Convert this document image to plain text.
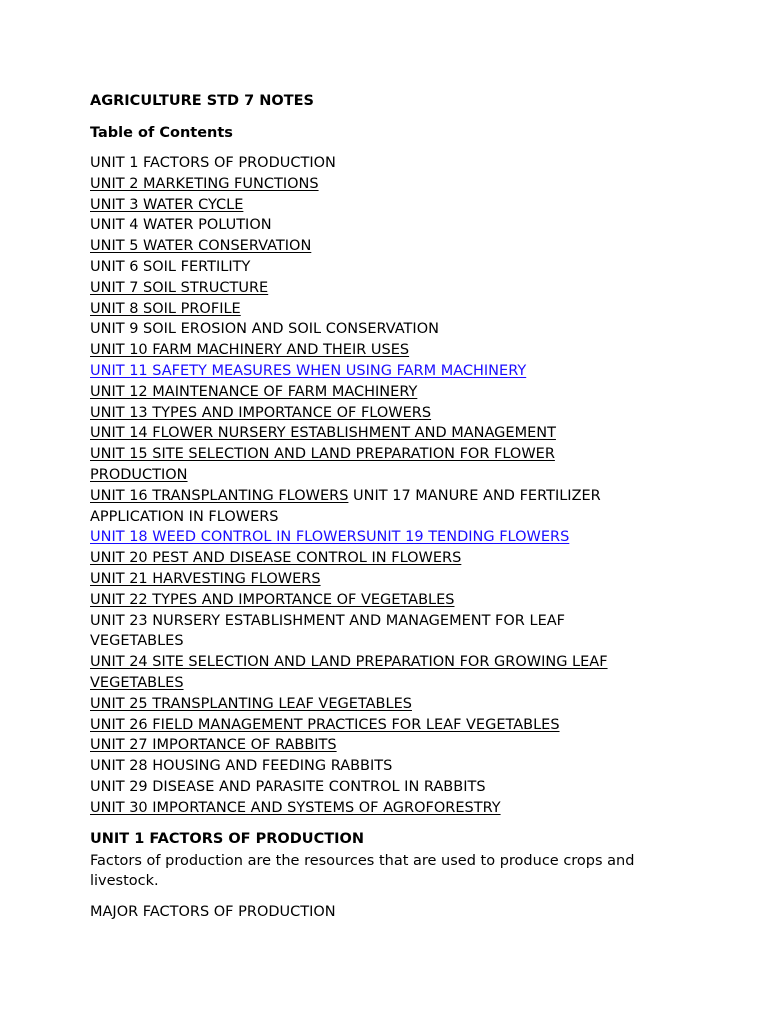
AGRICULTURE STD 7 NOTES
Table of Contents
UNIT 1 FACTORS OF PRODUCTION
UNIT 2 MARKETING FUNCTIONS
UNIT 3 WATER CYCLE
UNIT 4 WATER POLUTION
UNIT 5 WATER CONSERVATION
UNIT 6 SOIL FERTILITY
UNIT 7 SOIL STRUCTURE
UNIT 8 SOIL PROFILE
UNIT 9 SOIL EROSION AND SOIL CONSERVATION
UNIT 10 FARM MACHINERY AND THEIR USES
UNIT 11 SAFETY MEASURES WHEN USING FARM MACHINERY
UNIT 12 MAINTENANCE OF FARM MACHINERY
UNIT 13 TYPES AND IMPORTANCE OF FLOWERS
UNIT 14 FLOWER NURSERY ESTABLISHMENT AND MANAGEMENT
UNIT 15 SITE SELECTION AND LAND PREPARATION FOR FLOWER
PRODUCTION
UNIT 16 TRANSPLANTING FLOWERS UNIT 17 MANURE AND FERTILIZER
APPLICATION IN FLOWERS
UNIT 18 WEED CONTROL IN FLOWERSUNIT 19 TENDING FLOWERS
UNIT 20 PEST AND DISEASE CONTROL IN FLOWERS
UNIT 21 HARVESTING FLOWERS
UNIT 22 TYPES AND IMPORTANCE OF VEGETABLES
UNIT 23 NURSERY ESTABLISHMENT AND MANAGEMENT FOR LEAF
VEGETABLES
UNIT 24 SITE SELECTION AND LAND PREPARATION FOR GROWING LEAF
VEGETABLES
UNIT 25 TRANSPLANTING LEAF VEGETABLES
UNIT 26 FIELD MANAGEMENT PRACTICES FOR LEAF VEGETABLES
UNIT 27 IMPORTANCE OF RABBITS
UNIT 28 HOUSING AND FEEDING RABBITS
UNIT 29 DISEASE AND PARASITE CONTROL IN RABBITS
UNIT 30 IMPORTANCE AND SYSTEMS OF AGROFORESTRY
UNIT 1 FACTORS OF PRODUCTION
Factors of production are the resources that are used to produce crops and livestock.
MAJOR FACTORS OF PRODUCTION
